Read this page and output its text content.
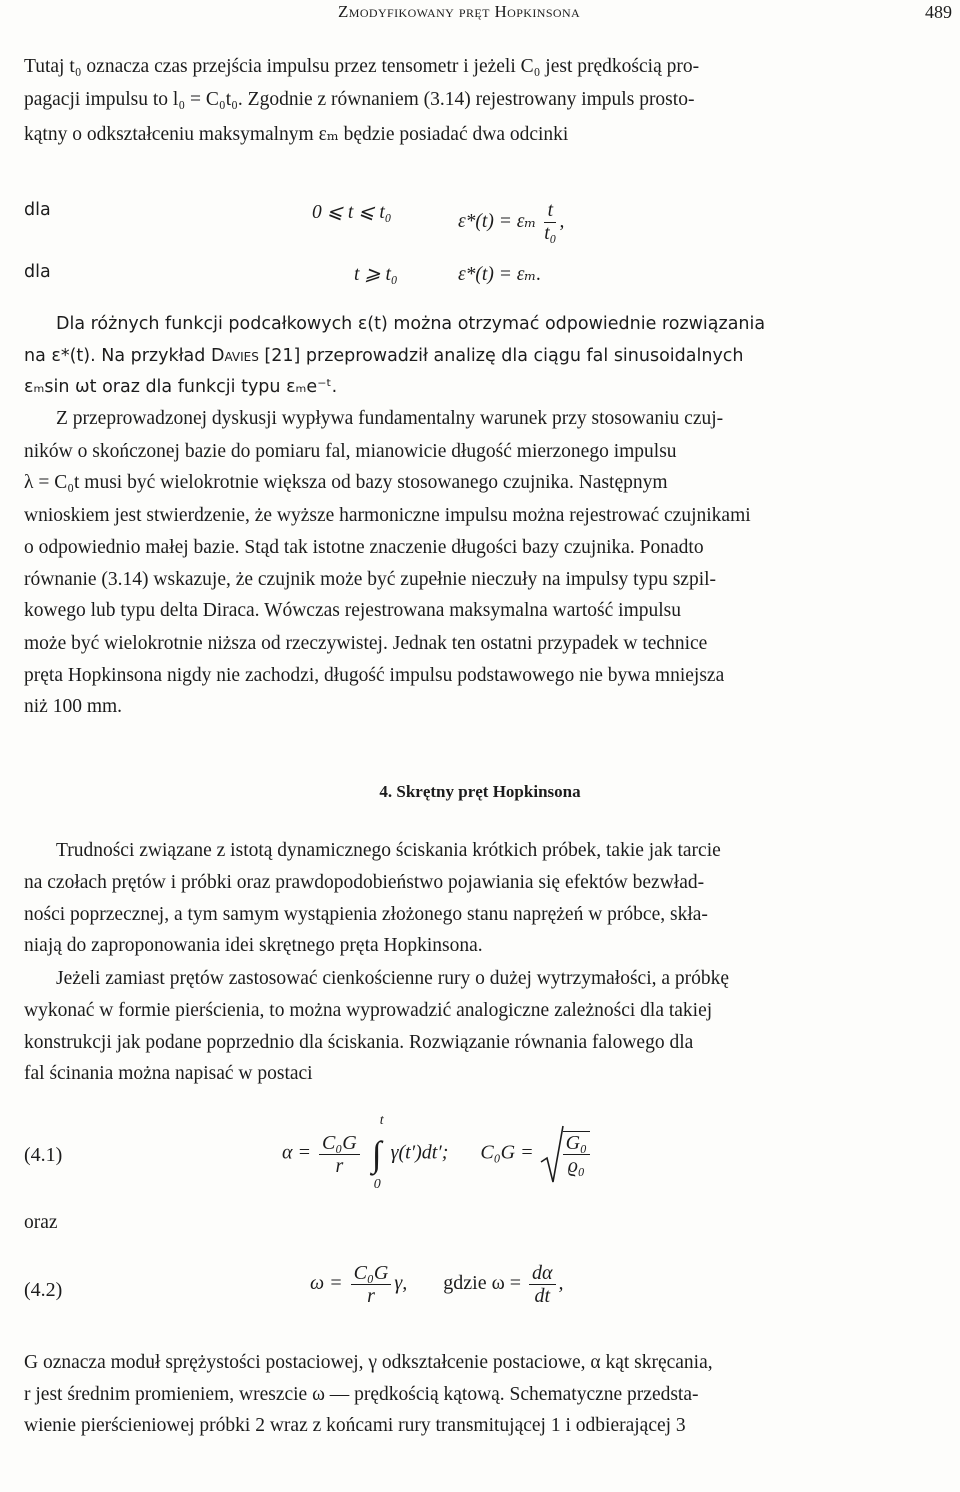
Zmodyfikowany pręt Hopkinsona	489
Tutaj t₀ oznacza czas przejścia impulsu przez tensometr i jeżeli C₀ jest prędkością pro-
pagacji impulsu to l₀ = C₀t₀. Zgodnie z równaniem (3.14) rejestrowany impuls prosto-
kątny o odkształceniu maksymalnym εₘ będzie posiadać dwa odcinki
dla	0 ⩽ t ⩽ t₀	ε*(t) = εₘ $\frac{t}{\text{t₀}}$ ,
dla	t ⩾ t₀	ε*(t) = εₘ.
Dla różnych funkcji podcałkowych ε(t) można otrzymać odpowiednie rozwiązania
na ε*(t). Na przykład Davies [21] przeprowadził analizę dla ciągu fal sinusoidalnych
εₘsin ωt oraz dla funkcji typu εₘe⁻ᵗ.
Z przeprowadzonej dyskusji wypływa fundamentalny warunek przy stosowaniu czuj-
ników o skończonej bazie do pomiaru fal, mianowicie długość mierzonego impulsu
λ = C₀t musi być wielokrotnie większa od bazy stosowanego czujnika. Następnym
wnioskiem jest stwierdzenie, że wyższe harmoniczne impulsu można rejestrować czujnikami
o odpowiednio małej bazie. Stąd tak istotne znaczenie długości bazy czujnika. Ponadto
równanie (3.14) wskazuje, że czujnik może być zupełnie nieczuły na impulsy typu szpil-
kowego lub typu delta Diraca. Wówczas rejestrowana maksymalna wartość impulsu
może być wielokrotnie niższa od rzeczywistej. Jednak ten ostatni przypadek w technice
pręta Hopkinsona nigdy nie zachodzi, długość impulsu podstawowego nie bywa mniejsza
niż 100 mm.
4. Skrętny pręt Hopkinsona
Trudności związane z istotą dynamicznego ściskania krótkich próbek, takie jak tarcie
na czołach prętów i próbki oraz prawdopodobieństwo pojawiania się efektów bezwład-
ności poprzecznej, a tym samym wystąpienia złożonego stanu naprężeń w próbce, skła-
niają do zaproponowania idei skrętnego pręta Hopkinsona.
Jeżeli zamiast prętów zastosować cienkościenne rury o dużej wytrzymałości, a próbkę
wykonać w formie pierścienia, to można wyprowadzić analogiczne zależności dla takiej
konstrukcji jak podane poprzednio dla ściskania. Rozwiązanie równania falowego dla
fal ścinania można napisać w postaci
(4.1)	$\alpha = \frac{\text{C₀G}}{r}$ ∫
t
0
γ(t′)dt′; $C_0G = \frac{\text{G₀}}{\text{ϱ₀}}$
oraz
(4.2)	$\omega = \frac{\text{C₀G}}{r} \gamma$, gdzie $\omega = \frac{d\alpha}{dt}$ ,
G oznacza moduł sprężystości postaciowej, γ odkształcenie postaciowe, α kąt skręcania,
r jest średnim promieniem, wreszcie ω — prędkością kątową. Schematyczne przedsta-
wienie pierścieniowej próbki 2 wraz z końcami rury transmitującej 1 i odbierającej 3
